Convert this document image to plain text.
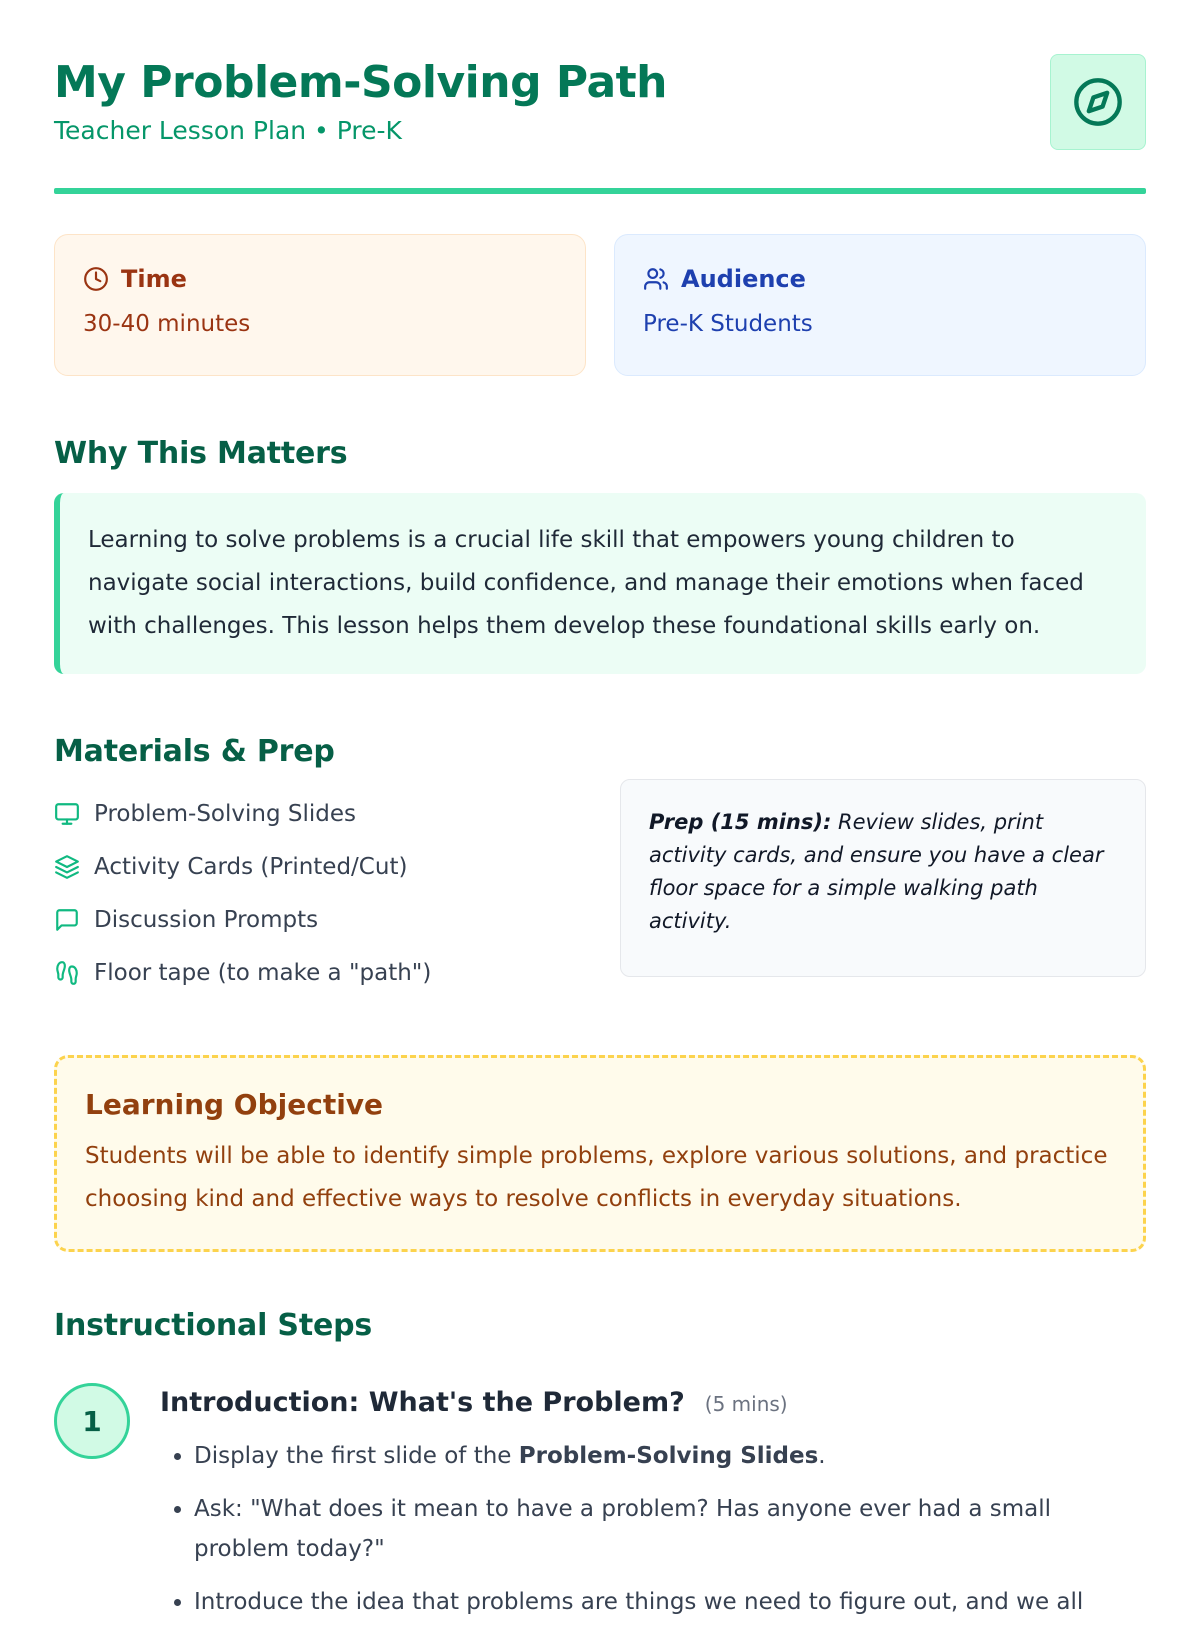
My Problem-Solving Path

Teacher Lesson Plan • Pre-K

Time
30-40 minutes
Audience
Pre-K Students
Why This Matters
Learning to solve problems is a crucial life skill that empowers young children to navigate social interactions, build confidence, and manage their emotions when faced with challenges. This lesson helps them develop these foundational skills early on.
Materials & Prep
Problem-Solving Slides
Activity Cards (Printed/Cut)
Discussion Prompts
Floor tape (to make a "path")
Prep (15 mins): Review slides, print activity cards, and ensure you have a clear floor space for a simple walking path activity.
Learning Objective

Students will be able to identify simple problems, explore various solutions, and practice choosing kind and effective ways to resolve conflicts in everyday situations.

Instructional Steps
1
Introduction: What's the Problem? (5 mins)
• Display the first slide of the Problem-Solving Slides.
• Ask: "What does it mean to have a problem? Has anyone ever had a small problem today?"
• Introduce the idea that problems are things we need to figure out, and we all
